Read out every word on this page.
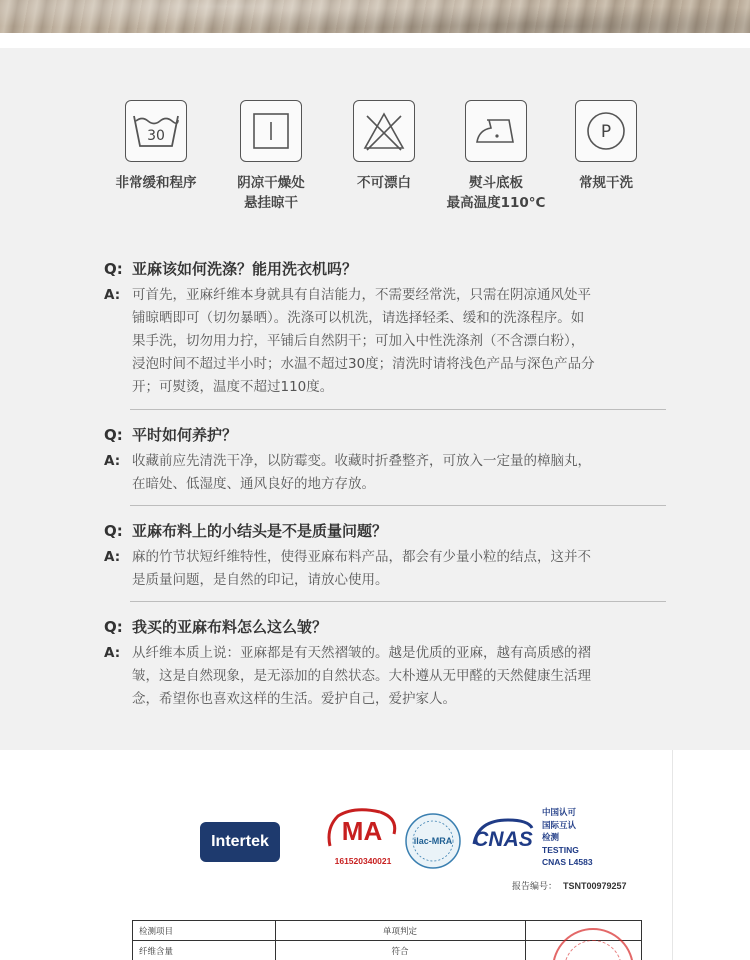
30
非常缓和程序	阴凉干燥处
悬挂晾干
不可漂白	熨斗底板
最高温度110°C
P
常规干洗
Q: 亚麻该如何洗涤？能用洗衣机吗？
A: 可首先，亚麻纤维本身就具有自洁能力，不需要经常洗，只需在阴凉通风处平
铺晾晒即可（切勿暴晒）。洗涤可以机洗，请选择轻柔、缓和的洗涤程序。如
果手洗，切勿用力拧，平铺后自然阴干；可加入中性洗涤剂（不含漂白粉），
浸泡时间不超过半小时；水温不超过30度；清洗时请将浅色产品与深色产品分
开；可熨烫，温度不超过110度。
Q: 平时如何养护？
A: 收藏前应先清洗干净，以防霉变。收藏时折叠整齐，可放入一定量的樟脑丸，
在暗处、低湿度、通风良好的地方存放。
Q: 亚麻布料上的小结头是不是质量问题？
A: 麻的竹节状短纤维特性，使得亚麻布料产品，都会有少量小粒的结点，这并不
是质量问题，是自然的印记，请放心使用。
Q: 我买的亚麻布料怎么这么皱？
A: 从纤维本质上说：亚麻都是有天然褶皱的。越是优质的亚麻，越有高质感的褶
皱，这是自然现象，是无添加的自然状态。大朴遵从无甲醛的天然健康生活理
念，希望你也喜欢这样的生活。爱护自己，爱护家人。
Intertek	MA
161520340021
ilac-MRA CNAS
中国认可
国际互认
检测
TESTING
CNAS L4583
报告编号： TSNT00979257
检测项目	单项判定
纤维含量	符合
